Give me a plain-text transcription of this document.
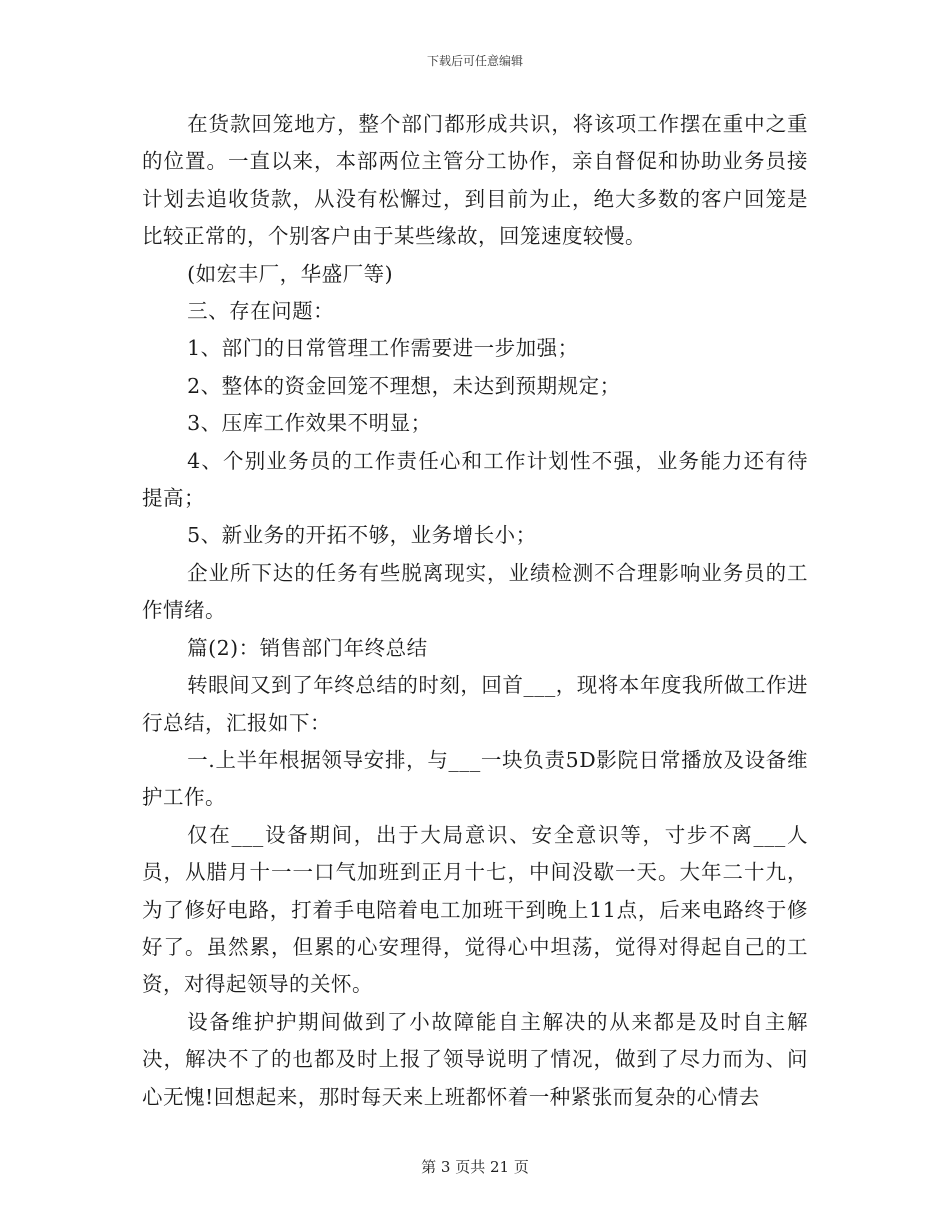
下载后可任意编辑

在货款回笼地方，整个部门都形成共识，将该项工作摆在重中之重的位置。一直以来，本部两位主管分工协作，亲自督促和协助业务员接计划去追收货款，从没有松懈过，到目前为止，绝大多数的客户回笼是比较正常的，个别客户由于某些缘故，回笼速度较慢。

(如宏丰厂，华盛厂等)

三、存在问题：

1、部门的日常管理工作需要进一步加强；

2、整体的资金回笼不理想，未达到预期规定；

3、压库工作效果不明显；

4、个别业务员的工作责任心和工作计划性不强，业务能力还有待提高；

5、新业务的开拓不够，业务增长小；

企业所下达的任务有些脱离现实，业绩检测不合理影响业务员的工作情绪。

篇(2)：销售部门年终总结

转眼间又到了年终总结的时刻，回首___，现将本年度我所做工作进行总结，汇报如下：

一.上半年根据领导安排，与___一块负责5D影院日常播放及设备维护工作。

仅在___设备期间，出于大局意识、安全意识等，寸步不离___人员，从腊月十一一口气加班到正月十七，中间没歇一天。大年二十九，为了修好电路，打着手电陪着电工加班干到晚上11点，后来电路终于修好了。虽然累，但累的心安理得，觉得心中坦荡，觉得对得起自己的工资，对得起领导的关怀。

设备维护护期间做到了小故障能自主解决的从来都是及时自主解决，解决不了的也都及时上报了领导说明了情况，做到了尽力而为、问心无愧!回想起来，那时每天来上班都怀着一种紧张而复杂的心情去

第 3 页共 21 页
